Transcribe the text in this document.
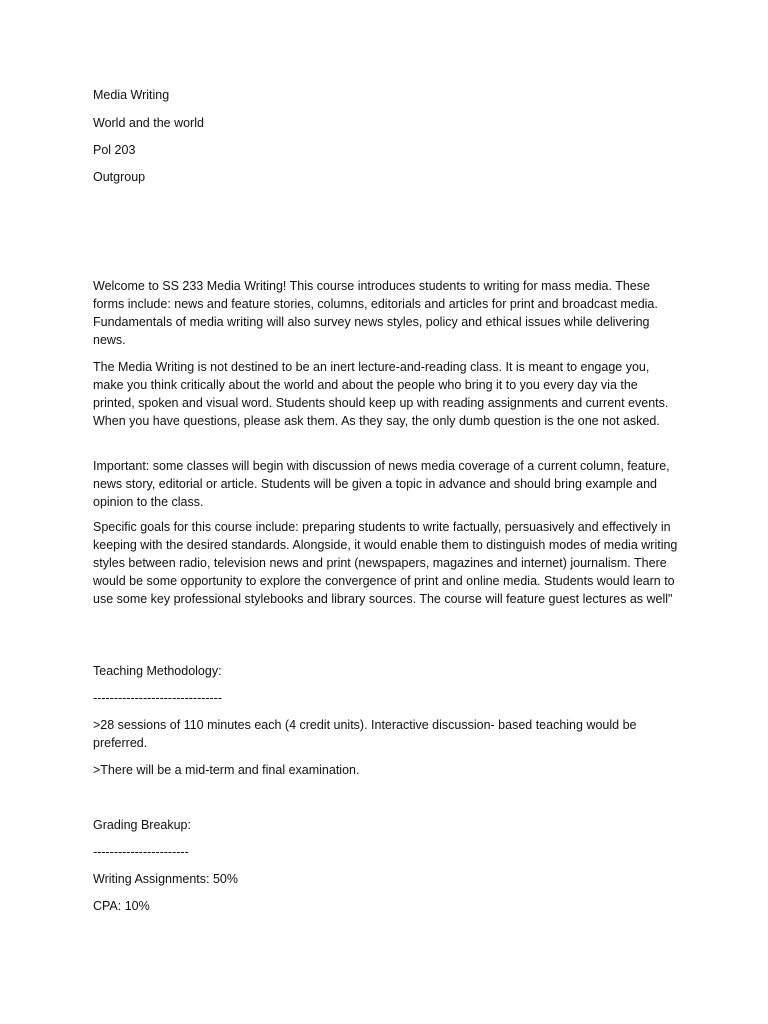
Media Writing
World and the world
Pol 203
Outgroup
Welcome to SS 233 Media Writing! This course introduces students to writing for mass media. These forms include: news and feature stories, columns, editorials and articles for print and broadcast media. Fundamentals of media writing will also survey news styles, policy and ethical issues while delivering news.
The Media Writing is not destined to be an inert lecture-and-reading class. It is meant to engage you, make you think critically about the world and about the people who bring it to you every day via the printed, spoken and visual word. Students should keep up with reading assignments and current events. When you have questions, please ask them. As they say, the only dumb question is the one not asked.
Important: some classes will begin with discussion of news media coverage of a current column, feature, news story, editorial or article. Students will be given a topic in advance and should bring example and opinion to the class.
Specific goals for this course include: preparing students to write factually, persuasively and effectively in keeping with the desired standards. Alongside, it would enable them to distinguish modes of media writing styles between radio, television news and print (newspapers, magazines and internet) journalism. There would be some opportunity to explore the convergence of print and online media. Students would learn to use some key professional stylebooks and library sources. The course will feature guest lectures as well"
Teaching Methodology:
-------------------------------
>28 sessions of 110 minutes each (4 credit units). Interactive discussion- based teaching would be preferred.
>There will be a mid-term and final examination.
Grading Breakup:
-----------------------
Writing Assignments: 50%
CPA: 10%
